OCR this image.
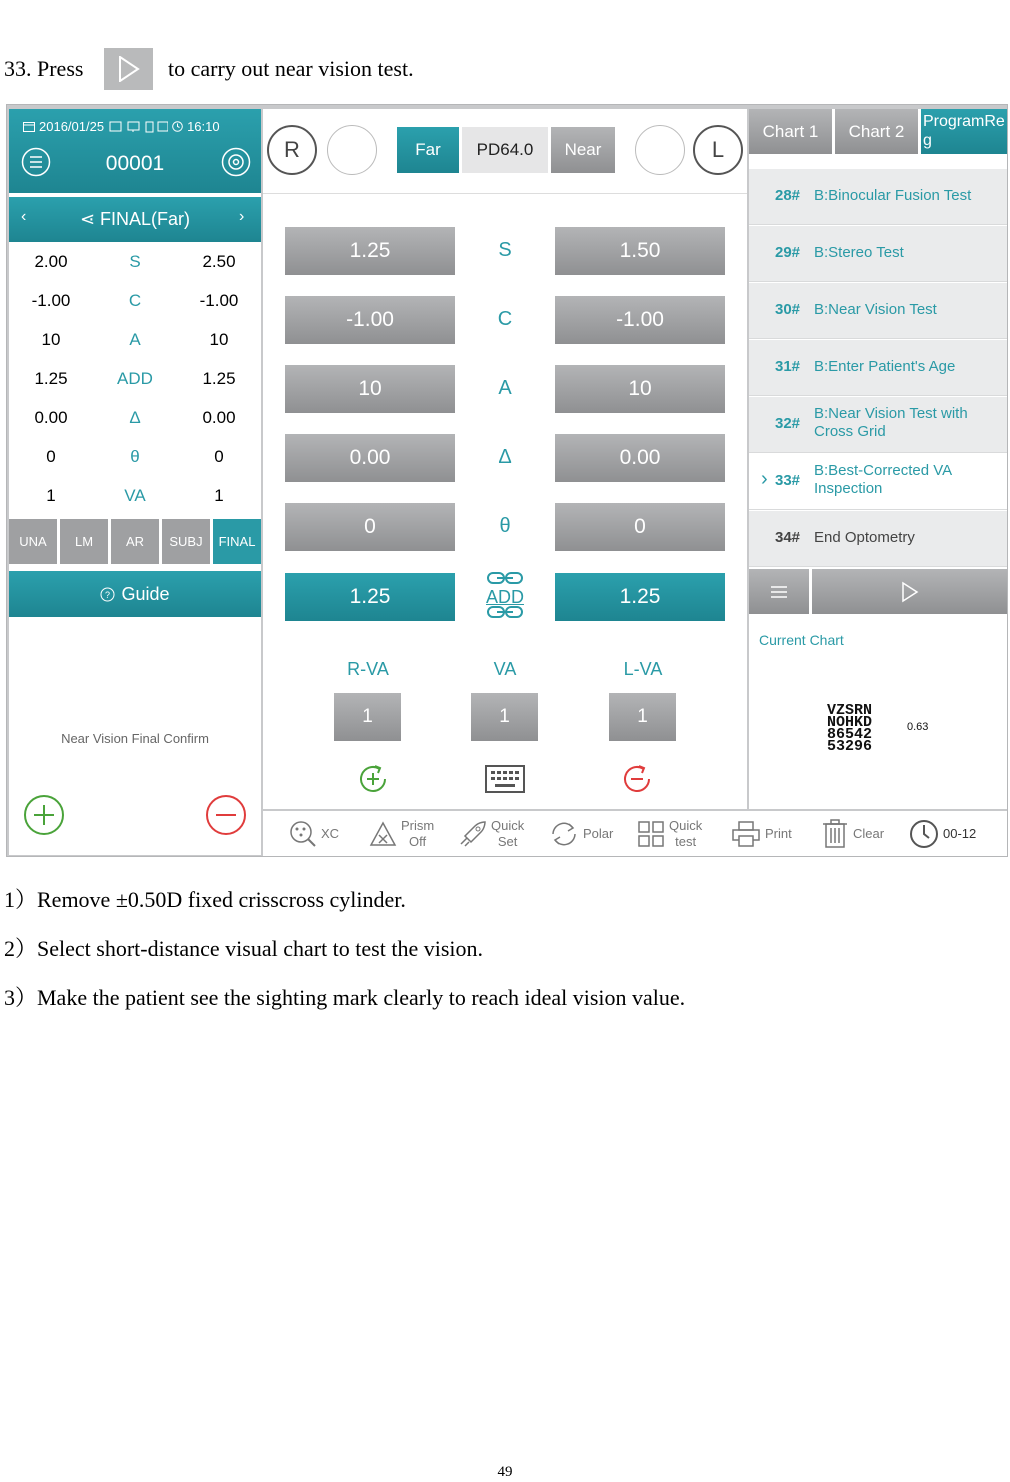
33. Press	to carry out near vision test.
2016/01/25	16:10
00001
‹	⋖ FINAL(Far)	›
2.00	S	2.50
-1.00	C	-1.00
10	A	10
1.25	ADD	1.25
0.00	Δ	0.00
0	θ	0
1	VA	1
UNA	LM	AR	SUBJ	FINAL
? Guide
Near Vision Final Confirm
R	Far	PD64.0	Near	L
1.25	S	1.50
-1.00	C	-1.00
10	A	10
0.00	Δ	0.00
0	θ	0
1.25	ADD	1.25
R-VA	VA	L-VA
1	1	1
Chart 1	Chart 2	ProgramReg
28# B:Binocular Fusion Test
29# B:Stereo Test
30# B:Near Vision Test
31# B:Enter Patient's Age
32#
B:Near Vision Test with Cross Grid
› 33#
B:Best-Corrected VA Inspection
34# End Optometry
Current Chart
VZSRN
NOHKD
86542
53296
0.63
XC
Prism
Off
Quick
Set	Polar
Quick
test	Print	Clear	00-12
1）Remove ±0.50D fixed crisscross cylinder.
2）Select short-distance visual chart to test the vision.
3）Make the patient see the sighting mark clearly to reach ideal vision value.
49
